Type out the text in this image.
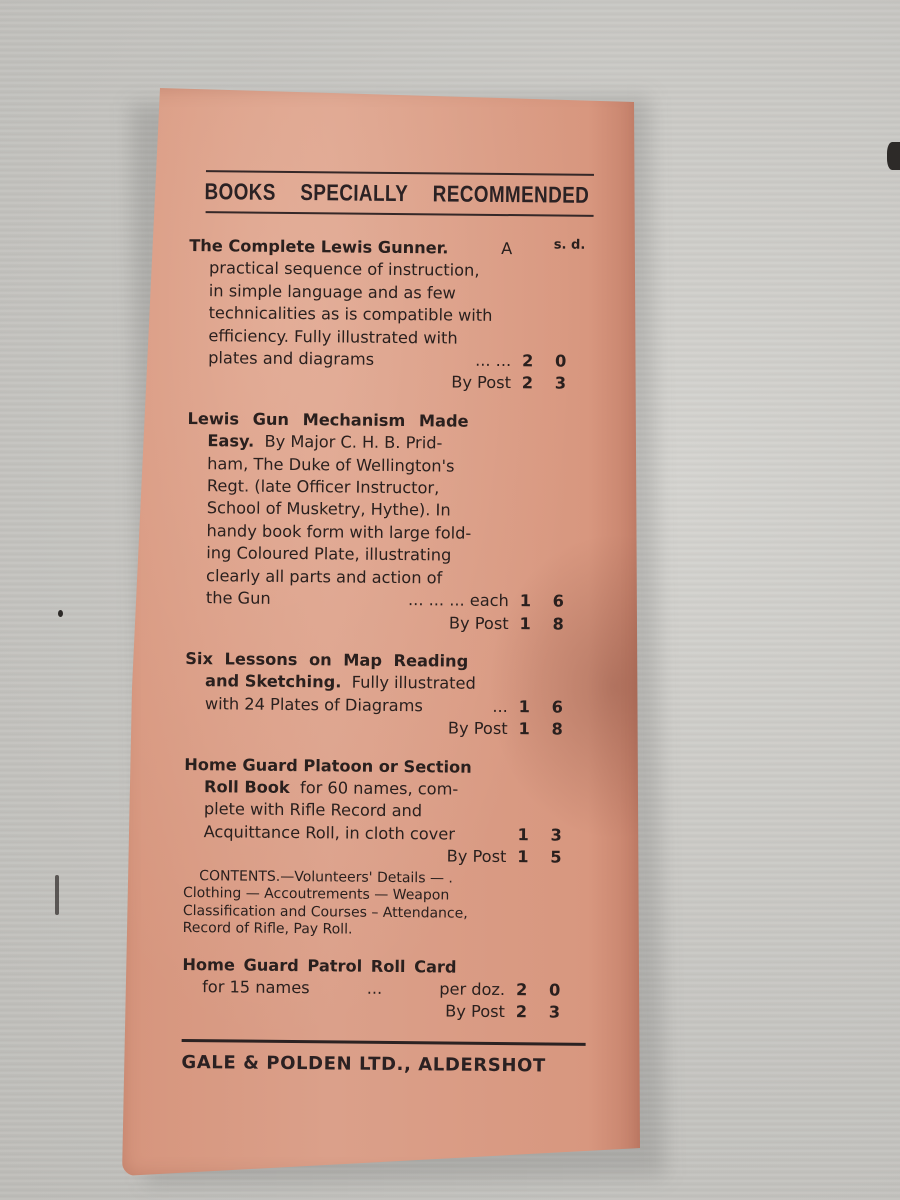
BOOKS SPECIALLY RECOMMENDED
s. d.
The Complete Lewis Gunner.	A
practical sequence of instruction,
in simple language and as few
technicalities as is compatible with
efficiency. Fully illustrated with
plates and diagrams	... ... 2	0
By Post 2	3
Lewis Gun Mechanism Made
Easy.
By Major C. H. B. Prid-
ham, The Duke of Wellington's
Regt. (late Officer Instructor,
School of Musketry, Hythe). In
handy book form with large fold-
ing Coloured Plate, illustrating
clearly all parts and action of
the Gun	... ... ... each 1	6
By Post 1	8
Six Lessons on Map Reading
and Sketching.
Fully illustrated
with 24 Plates of Diagrams	... 1	6
By Post 1	8
Home Guard Platoon or Section
Roll Book
for 60 names, com-
plete with Rifle Record and
Acquittance Roll, in cloth cover	1	3
By Post 1	5
CONTENTS.—Volunteers' Details — .
Clothing — Accoutrements — Weapon
Classification and Courses – Attendance,
Record of Rifle, Pay Roll.
Home Guard Patrol Roll Card
for 15 names	...	per doz. 2	0
By Post 2	3
GALE & POLDEN LTD., ALDERSHOT
